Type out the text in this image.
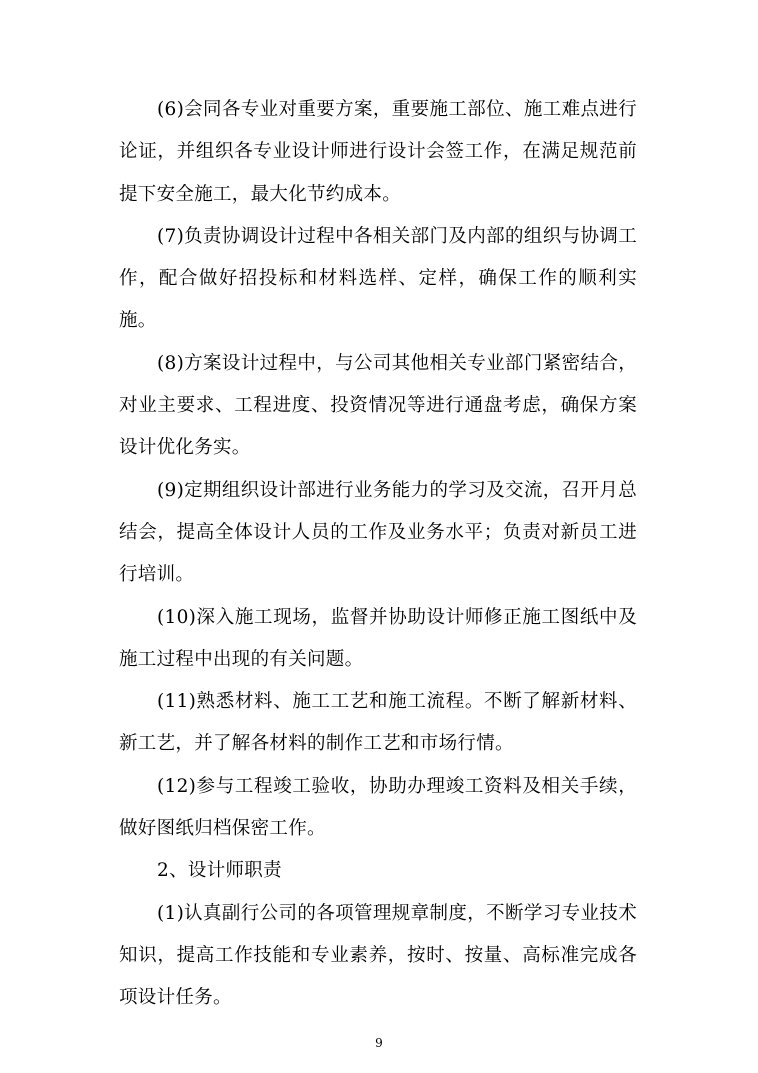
(6)会同各专业对重要方案，重要施工部位、施工难点进行论证，并组织各专业设计师进行设计会签工作，在满足规范前提下安全施工，最大化节约成本。

(7)负责协调设计过程中各相关部门及内部的组织与协调工作，配合做好招投标和材料选样、定样，确保工作的顺利实施。

(8)方案设计过程中，与公司其他相关专业部门紧密结合，对业主要求、工程进度、投资情况等进行通盘考虑，确保方案设计优化务实。

(9)定期组织设计部进行业务能力的学习及交流，召开月总结会，提高全体设计人员的工作及业务水平；负责对新员工进行培训。

(10)深入施工现场，监督并协助设计师修正施工图纸中及施工过程中出现的有关问题。

(11)熟悉材料、施工工艺和施工流程。不断了解新材料、新工艺，并了解各材料的制作工艺和市场行情。

(12)参与工程竣工验收，协助办理竣工资料及相关手续，做好图纸归档保密工作。

2、设计师职责

(1)认真副行公司的各项管理规章制度，不断学习专业技术知识，提高工作技能和专业素养，按时、按量、高标准完成各项设计任务。

9
